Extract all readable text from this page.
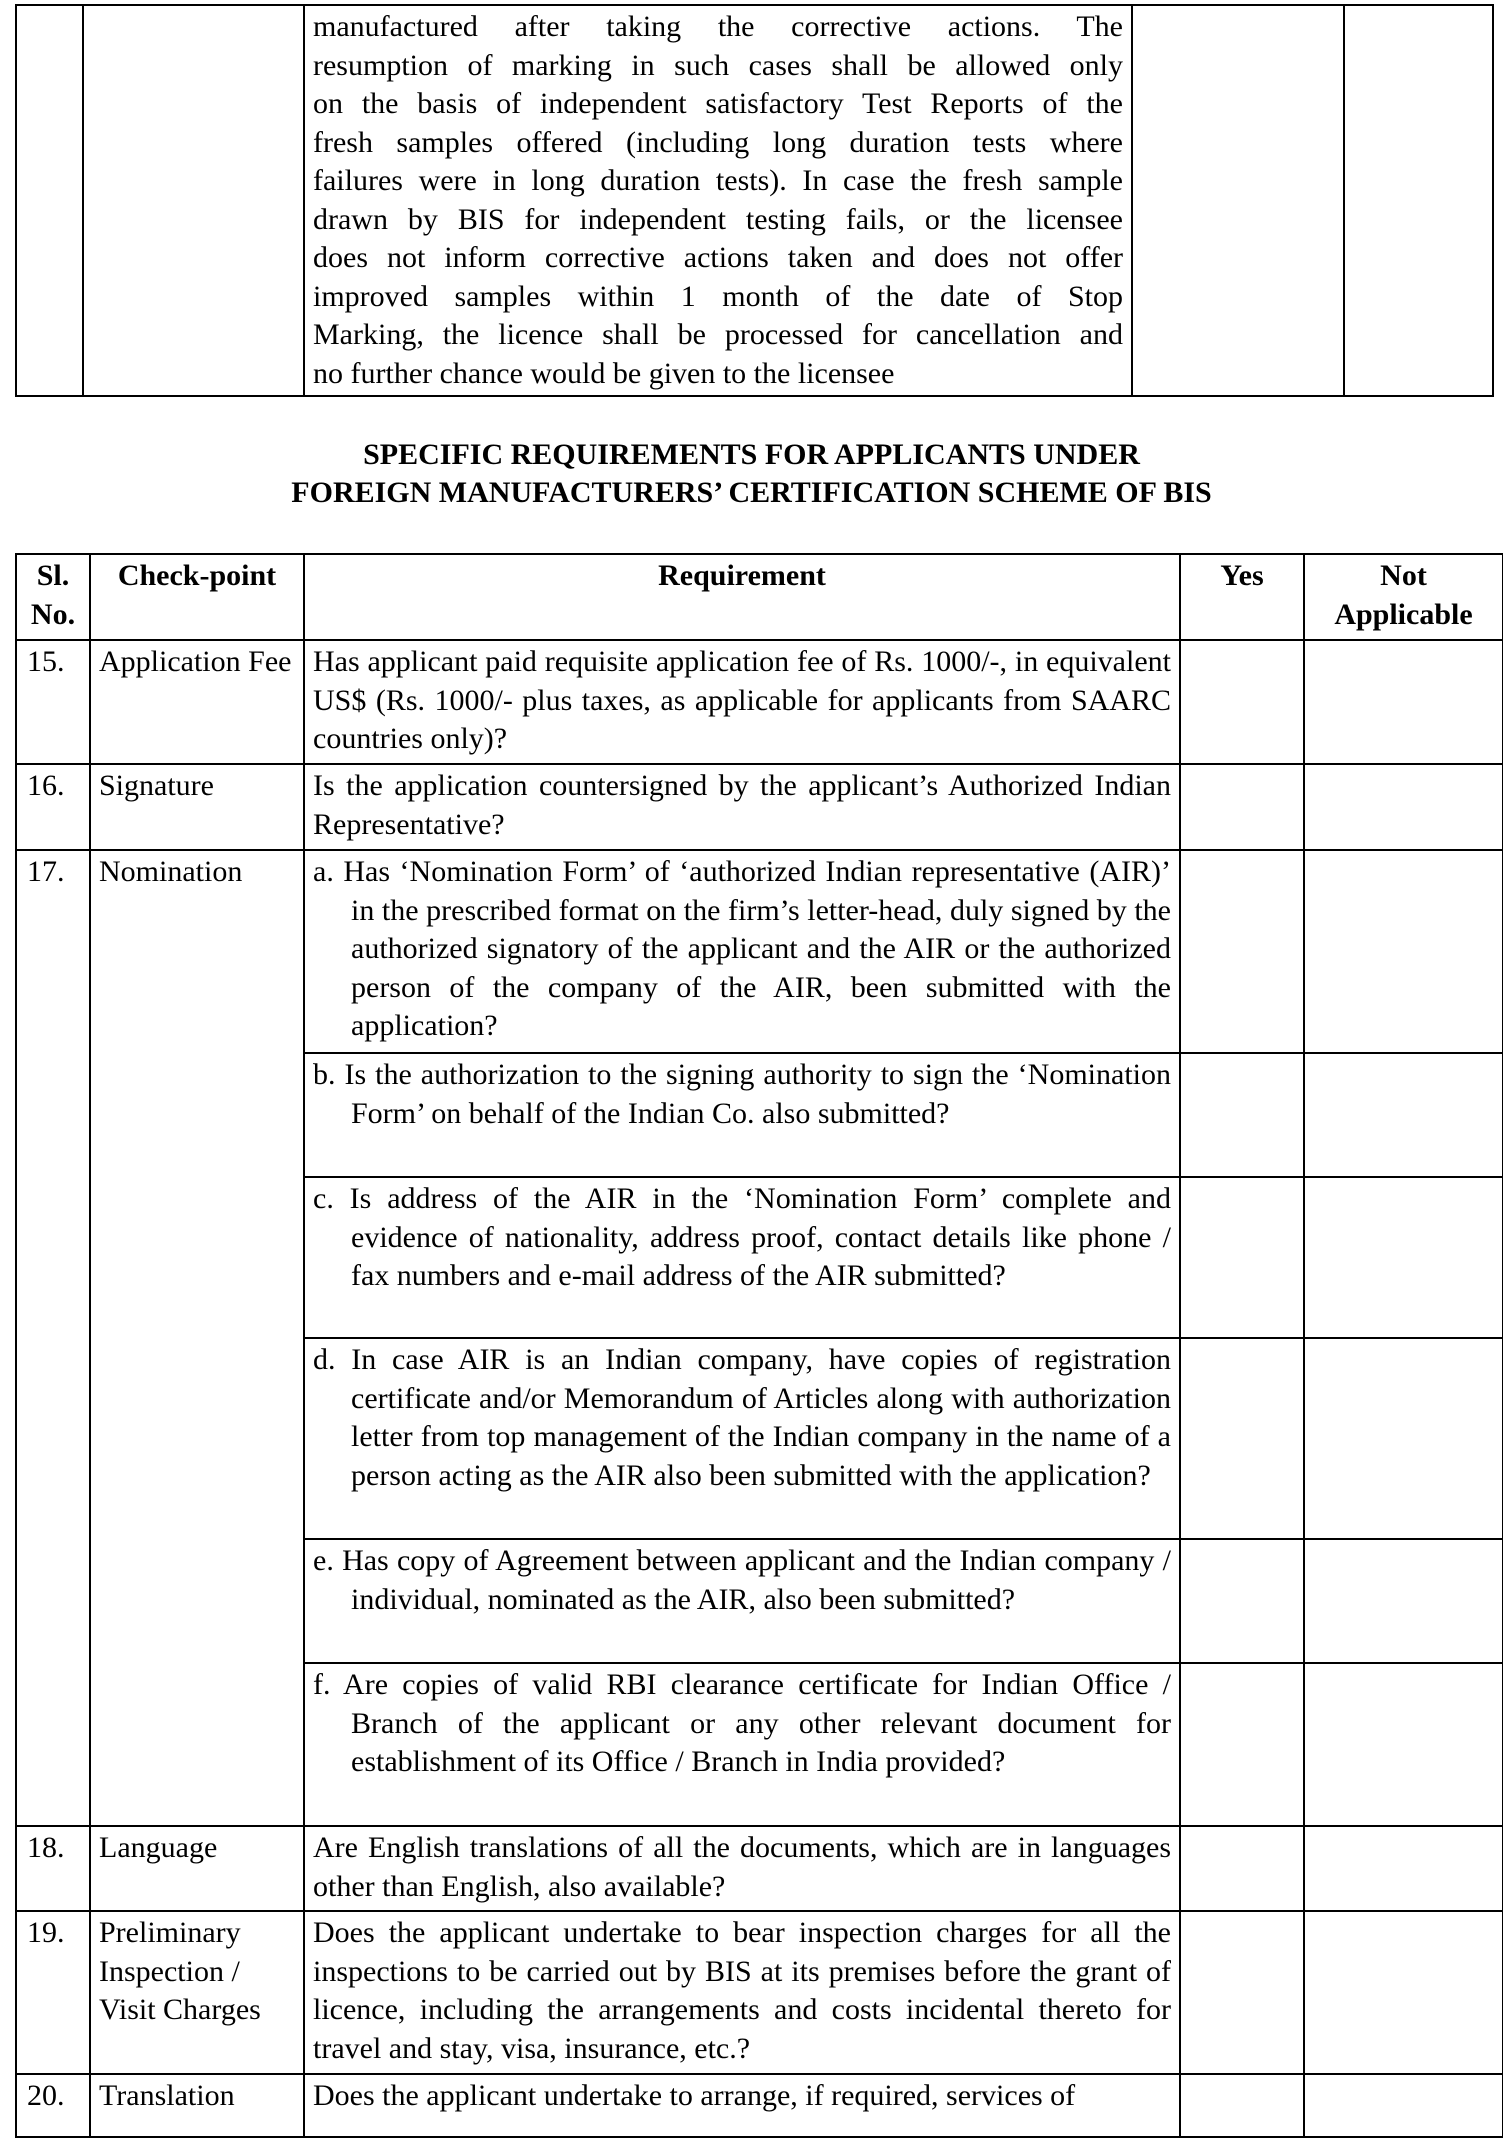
manufactured after taking the corrective actions. The
resumption of marking in such cases shall be allowed only
on the basis of independent satisfactory Test Reports of the
fresh samples offered (including long duration tests where
failures were in long duration tests). In case the fresh sample
drawn by BIS for independent testing fails, or the licensee
does not inform corrective actions taken and does not offer
improved samples within 1 month of the date of Stop
Marking, the licence shall be processed for cancellation and
no further chance would be given to the licensee

SPECIFIC REQUIREMENTS FOR APPLICANTS UNDER
FOREIGN MANUFACTURERS’ CERTIFICATION SCHEME OF BIS
Sl. No.	Check-point	Requirement	Yes	Not Applicable
15.	Application Fee	Has applicant paid requisite application fee of Rs. 1000/-, in equivalent US$ (Rs. 1000/- plus taxes, as applicable for applicants from SAARC countries only)?		
16.	Signature	Is the application countersigned by the applicant’s Authorized Indian Representative?		
17.	Nomination	a. Has ‘Nomination Form’ of ‘authorized Indian representative (AIR)’ in the prescribed format on the firm’s letter-head, duly signed by the authorized signatory of the applicant and the AIR or the authorized person of the company of the AIR, been submitted with the application?		
		b. Is the authorization to the signing authority to sign the ‘Nomination Form’ on behalf of the Indian Co. also submitted?		
		c. Is address of the AIR in the ‘Nomination Form’ complete and evidence of nationality, address proof, contact details like phone / fax numbers and e-mail address of the AIR submitted?		
		d. In case AIR is an Indian company, have copies of registration certificate and/or Memorandum of Articles along with authorization letter from top management of the Indian company in the name of a person acting as the AIR also been submitted with the application?		
		e. Has copy of Agreement between applicant and the Indian company / individual, nominated as the AIR, also been submitted?		
		f. Are copies of valid RBI clearance certificate for Indian Office / Branch of the applicant or any other relevant document for establishment of its Office / Branch in India provided?		
18.	Language	Are English translations of all the documents, which are in languages other than English, also available?		
19.	Preliminary Inspection / Visit Charges	Does the applicant undertake to bear inspection charges for all the inspections to be carried out by BIS at its premises before the grant of licence, including the arrangements and costs incidental thereto for travel and stay, visa, insurance, etc.?		
20.	Translation	Does the applicant undertake to arrange, if required, services of		
